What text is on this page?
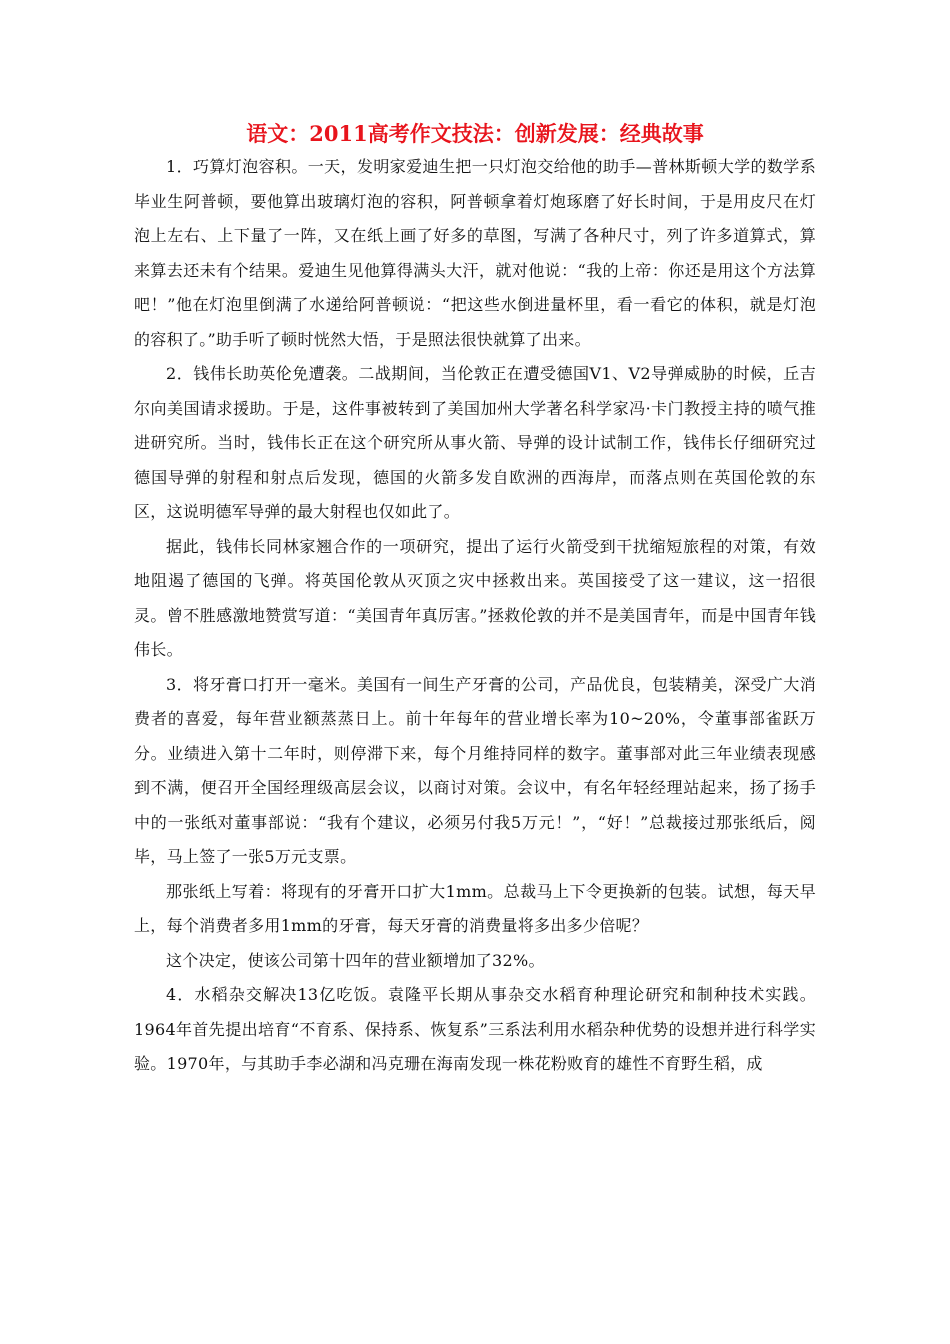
语文：2011高考作文技法：创新发展：经典故事

1．巧算灯泡容积。一天，发明家爱迪生把一只灯泡交给他的助手—普林斯顿大学的数学系毕业生阿普顿，要他算出玻璃灯泡的容积，阿普顿拿着灯炮琢磨了好长时间，于是用皮尺在灯泡上左右、上下量了一阵，又在纸上画了好多的草图，写满了各种尺寸，列了许多道算式，算来算去还未有个结果。爱迪生见他算得满头大汗，就对他说：“我的上帝：你还是用这个方法算吧！”他在灯泡里倒满了水递给阿普顿说：“把这些水倒进量杯里，看一看它的体积，就是灯泡的容积了。”助手听了顿时恍然大悟，于是照法很快就算了出来。

2．钱伟长助英伦免遭袭。二战期间，当伦敦正在遭受德国V1、V2导弹威胁的时候，丘吉尔向美国请求援助。于是，这件事被转到了美国加州大学著名科学家冯·卡门教授主持的喷气推进研究所。当时，钱伟长正在这个研究所从事火箭、导弹的设计试制工作，钱伟长仔细研究过德国导弹的射程和射点后发现，德国的火箭多发自欧洲的西海岸，而落点则在英国伦敦的东区，这说明德军导弹的最大射程也仅如此了。

据此，钱伟长同林家翘合作的一项研究，提出了运行火箭受到干扰缩短旅程的对策，有效地阻遏了德国的飞弹。将英国伦敦从灭顶之灾中拯救出来。英国接受了这一建议，这一招很灵。曾不胜感激地赞赏写道：“美国青年真厉害。”拯救伦敦的并不是美国青年，而是中国青年钱伟长。

3．将牙膏口打开一毫米。美国有一间生产牙膏的公司，产品优良，包装精美，深受广大消费者的喜爱，每年营业额蒸蒸日上。前十年每年的营业增长率为10~20%，令董事部雀跃万分。业绩进入第十二年时，则停滞下来，每个月维持同样的数字。董事部对此三年业绩表现感到不满，便召开全国经理级高层会议，以商讨对策。会议中，有名年轻经理站起来，扬了扬手中的一张纸对董事部说：“我有个建议，必须另付我5万元！”，“好！”总裁接过那张纸后，阅毕，马上签了一张5万元支票。

那张纸上写着：将现有的牙膏开口扩大1mm。总裁马上下令更换新的包装。试想，每天早上，每个消费者多用1mm的牙膏，每天牙膏的消费量将多出多少倍呢？

这个决定，使该公司第十四年的营业额增加了32%。

4．水稻杂交解决13亿吃饭。袁隆平长期从事杂交水稻育种理论研究和制种技术实践。1964年首先提出培育“不育系、保持系、恢复系”三系法利用水稻杂种优势的设想并进行科学实验。1970年，与其助手李必湖和冯克珊在海南发现一株花粉败育的雄性不育野生稻，成
